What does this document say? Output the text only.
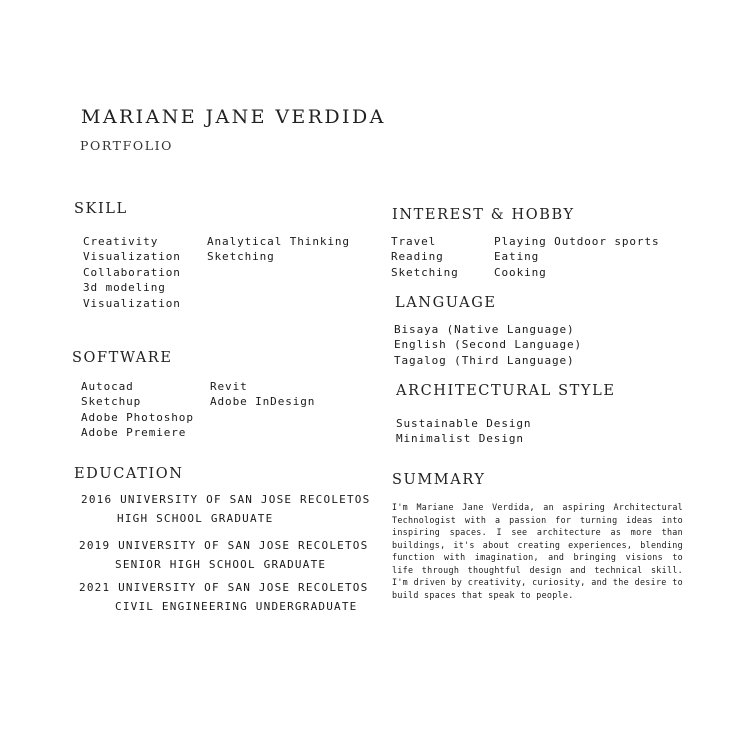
MARIANE JANE VERDIDA
PORTFOLIO
SKILL
Creativity
Visualization
Collaboration
3d modeling
Visualization
Analytical Thinking
Sketching
SOFTWARE
Autocad
Sketchup
Adobe Photoshop
Adobe Premiere
Revit
Adobe InDesign
EDUCATION
2016 UNIVERSITY OF SAN JOSE RECOLETOS
HIGH SCHOOL GRADUATE
2019 UNIVERSITY OF SAN JOSE RECOLETOS
SENIOR HIGH SCHOOL GRADUATE
2021 UNIVERSITY OF SAN JOSE RECOLETOS
CIVIL ENGINEERING UNDERGRADUATE
INTEREST & HOBBY
Travel
Reading
Sketching
Playing Outdoor sports
Eating
Cooking
LANGUAGE
Bisaya (Native Language)
English (Second Language)
Tagalog (Third Language)
ARCHITECTURAL STYLE
Sustainable Design
Minimalist Design
SUMMARY
I'm Mariane Jane Verdida, an aspiring Architectural Technologist with a passion for turning ideas into inspiring spaces. I see architecture as more than buildings, it's about creating experiences, blending function with imagination, and bringing visions to life through thoughtful design and technical skill. I'm driven by creativity, curiosity, and the desire to build spaces that speak to people.
